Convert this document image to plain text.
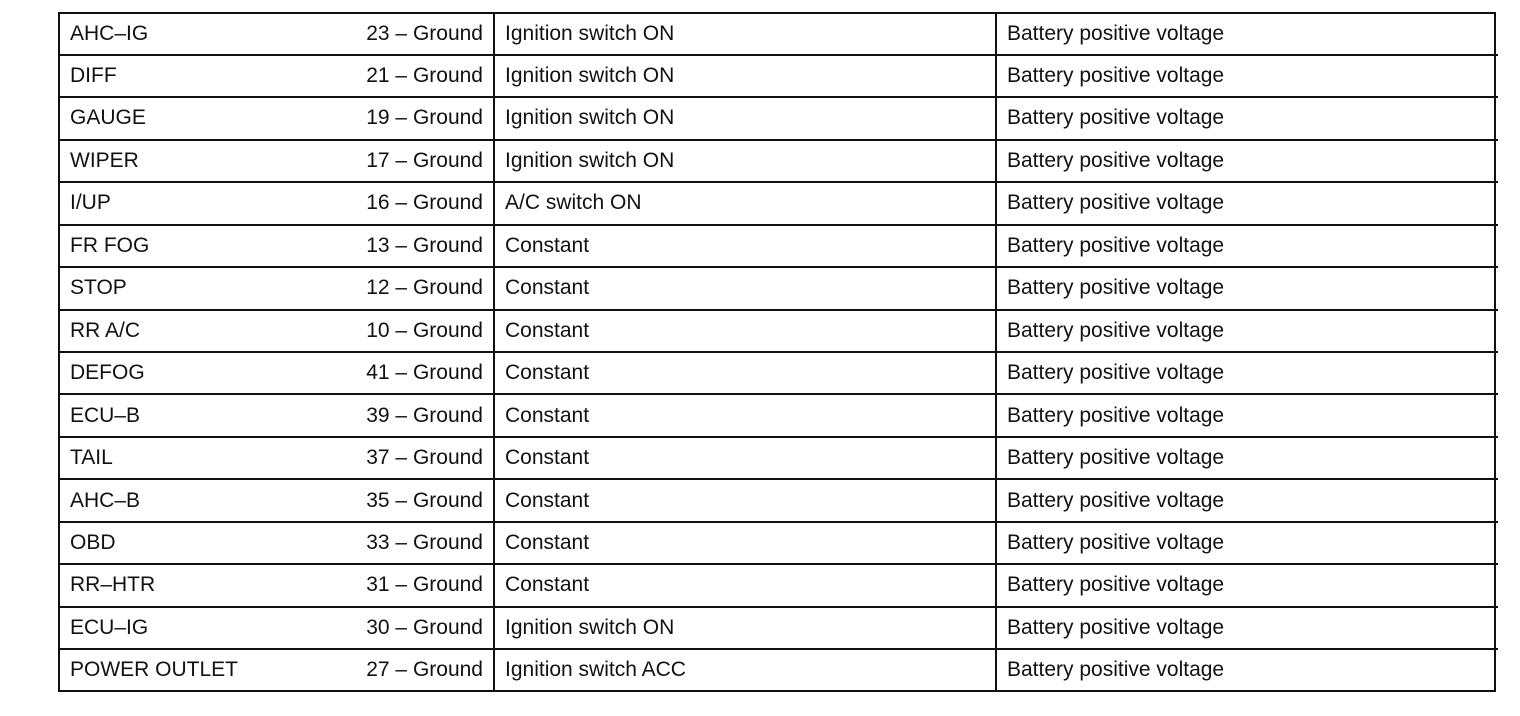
AHC–IG	23 – Ground	Ignition switch ON	Battery positive voltage
DIFF	21 – Ground	Ignition switch ON	Battery positive voltage
GAUGE	19 – Ground	Ignition switch ON	Battery positive voltage
WIPER	17 – Ground	Ignition switch ON	Battery positive voltage
I/UP	16 – Ground	A/C switch ON	Battery positive voltage
FR FOG	13 – Ground	Constant	Battery positive voltage
STOP	12 – Ground	Constant	Battery positive voltage
RR A/C	10 – Ground	Constant	Battery positive voltage
DEFOG	41 – Ground	Constant	Battery positive voltage
ECU–B	39 – Ground	Constant	Battery positive voltage
TAIL	37 – Ground	Constant	Battery positive voltage
AHC–B	35 – Ground	Constant	Battery positive voltage
OBD	33 – Ground	Constant	Battery positive voltage
RR–HTR	31 – Ground	Constant	Battery positive voltage
ECU–IG	30 – Ground	Ignition switch ON	Battery positive voltage
POWER OUTLET	27 – Ground	Ignition switch ACC	Battery positive voltage
